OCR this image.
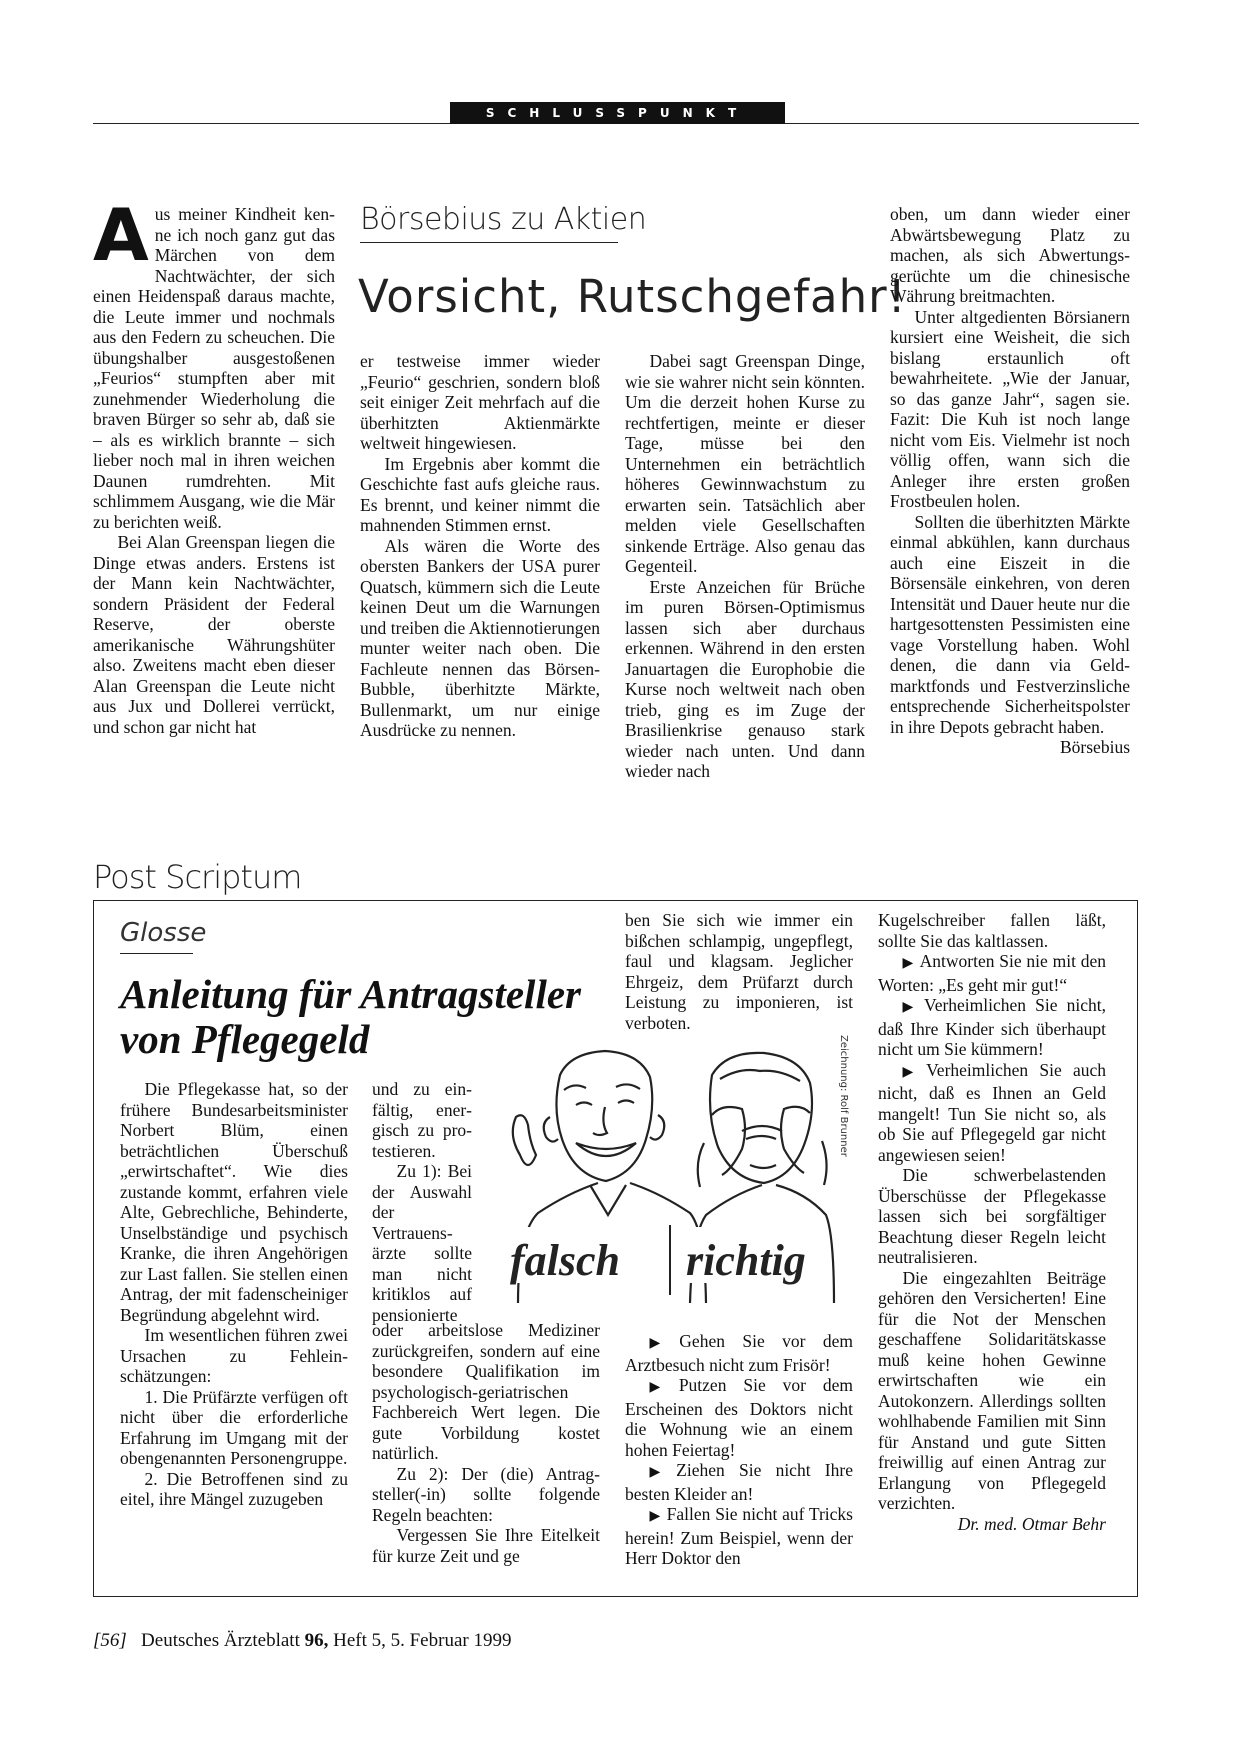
SCHLUSSPUNKT

Aus meiner Kindheit kenne ich noch ganz gut das Märchen von dem Nachtwächter, der sich einen Heidenspaß daraus machte, die Leute immer und nochmals aus den Federn zu scheuchen. Die übungshalber ausgestoßenen „Feurios“ stumpften aber mit zunehmender Wiederholung die braven Bürger so sehr ab, daß sie – als es wirklich brannte – sich lieber noch mal in ihren weichen Daunen rumdrehten. Mit schlimmem Ausgang, wie die Mär zu berichten weiß.

Bei Alan Greenspan liegen die Dinge etwas anders. Erstens ist der Mann kein Nachtwächter, sondern Präsident der Federal Reserve, der oberste amerikanische Währungshüter also. Zweitens macht eben dieser Alan Greenspan die Leute nicht aus Jux und Dollerei verrückt, und schon gar nicht hat

Börsebius zu Aktien
Vorsicht, Rutschgefahr!

er testweise immer wieder „Feurio“ geschrien, sondern bloß seit einiger Zeit mehrfach auf die überhitzten Aktienmärkte weltweit hingewiesen.

Im Ergebnis aber kommt die Geschichte fast aufs gleiche raus. Es brennt, und keiner nimmt die mahnenden Stimmen ernst.

Als wären die Worte des obersten Bankers der USA purer Quatsch, kümmern sich die Leute keinen Deut um die Warnungen und treiben die Aktiennotierungen munter weiter nach oben. Die Fachleute nennen das Börsen-Bubble, überhitzte Märkte, Bullenmarkt, um nur einige Ausdrücke zu nennen.

Dabei sagt Greenspan Dinge, wie sie wahrer nicht sein könnten. Um die derzeit hohen Kurse zu rechtfertigen, meinte er dieser Tage, müsse bei den Unternehmen ein beträchtlich höheres Gewinnwachstum zu erwarten sein. Tatsächlich aber melden viele Gesellschaften sinkende Erträge. Also genau das Gegenteil.

Erste Anzeichen für Brüche im puren Börsen-Optimismus lassen sich aber durchaus erkennen. Während in den ersten Januartagen die Europhobie die Kurse noch weltweit nach oben trieb, ging es im Zuge der Brasilienkrise genauso stark wieder nach unten. Und dann wieder nach

oben, um dann wieder einer Abwärtsbewegung Platz zu machen, als sich Abwertungsgerüchte um die chinesische Währung breitmachten.

Unter altgedienten Börsianern kursiert eine Weisheit, die sich bislang erstaunlich oft bewahrheitete. „Wie der Januar, so das ganze Jahr“, sagen sie. Fazit: Die Kuh ist noch lange nicht vom Eis. Vielmehr ist noch völlig offen, wann sich die Anleger ihre ersten großen Frostbeulen holen.

Sollten die überhitzten Märkte einmal abkühlen, kann durchaus auch eine Eiszeit in die Börsensäle einkehren, von deren Intensität und Dauer heute nur die hartgesottensten Pessimisten eine vage Vorstellung haben. Wohl denen, die dann via Geldmarktfonds und Festverzinsliche entsprechende Sicherheitspolster in ihre Depots gebracht haben.
Börsebius

Post Scriptum
Glosse
Anleitung für Antragsteller
von Pflegegeld

Die Pflegekasse hat, so der frühere Bundesarbeitsminister Norbert Blüm, einen beträchtlichen Überschuß „erwirtschaftet“. Wie dies zustande kommt, erfahren viele Alte, Gebrechliche, Behinderte, Unselbständige und psychisch Kranke, die ihren Angehörigen zur Last fallen. Sie stellen einen Antrag, der mit fadenscheiniger Begründung abgelehnt wird.

Im wesentlichen führen zwei Ursachen zu Fehleinschätzungen:

1. Die Prüfärzte verfügen oft nicht über die erforderliche Erfahrung im Umgang mit der obengenannten Personengruppe.

2. Die Betroffenen sind zu eitel, ihre Mängel zuzugeben

und zu einfältig, energisch zu protestieren.

Zu 1): Bei der Auswahl der Vertrauensärzte sollte man nicht kritiklos auf pensionierte

oder arbeitslose Mediziner zurückgreifen, sondern auf eine besondere Qualifikation im psychologisch-geriatrischen Fachbereich Wert legen. Die gute Vorbildung kostet natürlich.

Zu 2): Der (die) Antragsteller(-in) sollte folgende Regeln beachten:

Vergessen Sie Ihre Eitelkeit für kurze Zeit und ge

ben Sie sich wie immer ein bißchen schlampig, ungepflegt, faul und klagsam. Jeglicher Ehrgeiz, dem Prüfarzt durch Leistung zu imponieren, ist verboten.

falsch richtig
Zeichnung: Rolf Brunner

▶ Gehen Sie vor dem Arztbesuch nicht zum Frisör!

▶ Putzen Sie vor dem Erscheinen des Doktors nicht die Wohnung wie an einem hohen Feiertag!

▶ Ziehen Sie nicht Ihre besten Kleider an!

▶ Fallen Sie nicht auf Tricks herein! Zum Beispiel, wenn der Herr Doktor den

Kugelschreiber fallen läßt, sollte Sie das kaltlassen.

▶ Antworten Sie nie mit den Worten: „Es geht mir gut!“

▶ Verheimlichen Sie nicht, daß Ihre Kinder sich überhaupt nicht um Sie kümmern!

▶ Verheimlichen Sie auch nicht, daß es Ihnen an Geld mangelt! Tun Sie nicht so, als ob Sie auf Pflegegeld gar nicht angewiesen seien!

Die schwerbelastenden Überschüsse der Pflegekasse lassen sich bei sorgfältiger Beachtung dieser Regeln leicht neutralisieren.

Die eingezahlten Beiträge gehören den Versicherten! Eine für die Not der Menschen geschaffene Solidaritätskasse muß keine hohen Gewinne erwirtschaften wie ein Autokonzern. Allerdings sollten wohlhabende Familien mit Sinn für Anstand und gute Sitten freiwillig auf einen Antrag zur Erlangung von Pflegegeld verzichten.
Dr. med. Otmar Behr

[56] Deutsches Ärzteblatt 96, Heft 5, 5. Februar 1999
